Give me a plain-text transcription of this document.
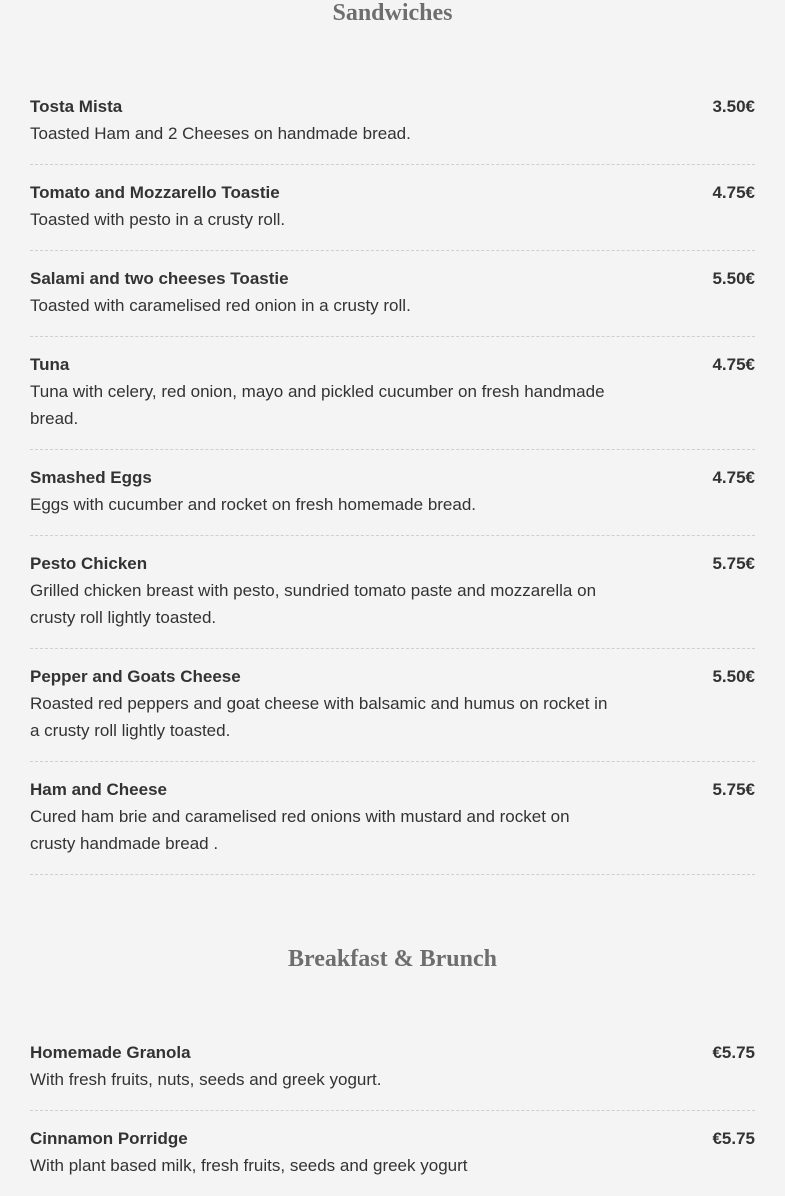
Sandwiches
Tosta Mista	3.50€
Toasted Ham and 2 Cheeses on handmade bread.
Tomato and Mozzarello Toastie	4.75€
Toasted with pesto in a crusty roll.
Salami and two cheeses Toastie	5.50€
Toasted with caramelised red onion in a crusty roll.
Tuna	4.75€
Tuna with celery, red onion, mayo and pickled cucumber on fresh handmade bread.
Smashed Eggs	4.75€
Eggs with cucumber and rocket on fresh homemade bread.
Pesto Chicken	5.75€
Grilled chicken breast with pesto, sundried tomato paste and mozzarella on crusty roll lightly toasted.
Pepper and Goats Cheese	5.50€
Roasted red peppers and goat cheese with balsamic and humus on rocket in a crusty roll lightly toasted.
Ham and Cheese	5.75€
Cured ham brie and caramelised red onions with mustard and rocket on crusty handmade bread .
Breakfast & Brunch
Homemade Granola	€5.75
With fresh fruits, nuts, seeds and greek yogurt.
Cinnamon Porridge	€5.75
With plant based milk, fresh fruits, seeds and greek yogurt
